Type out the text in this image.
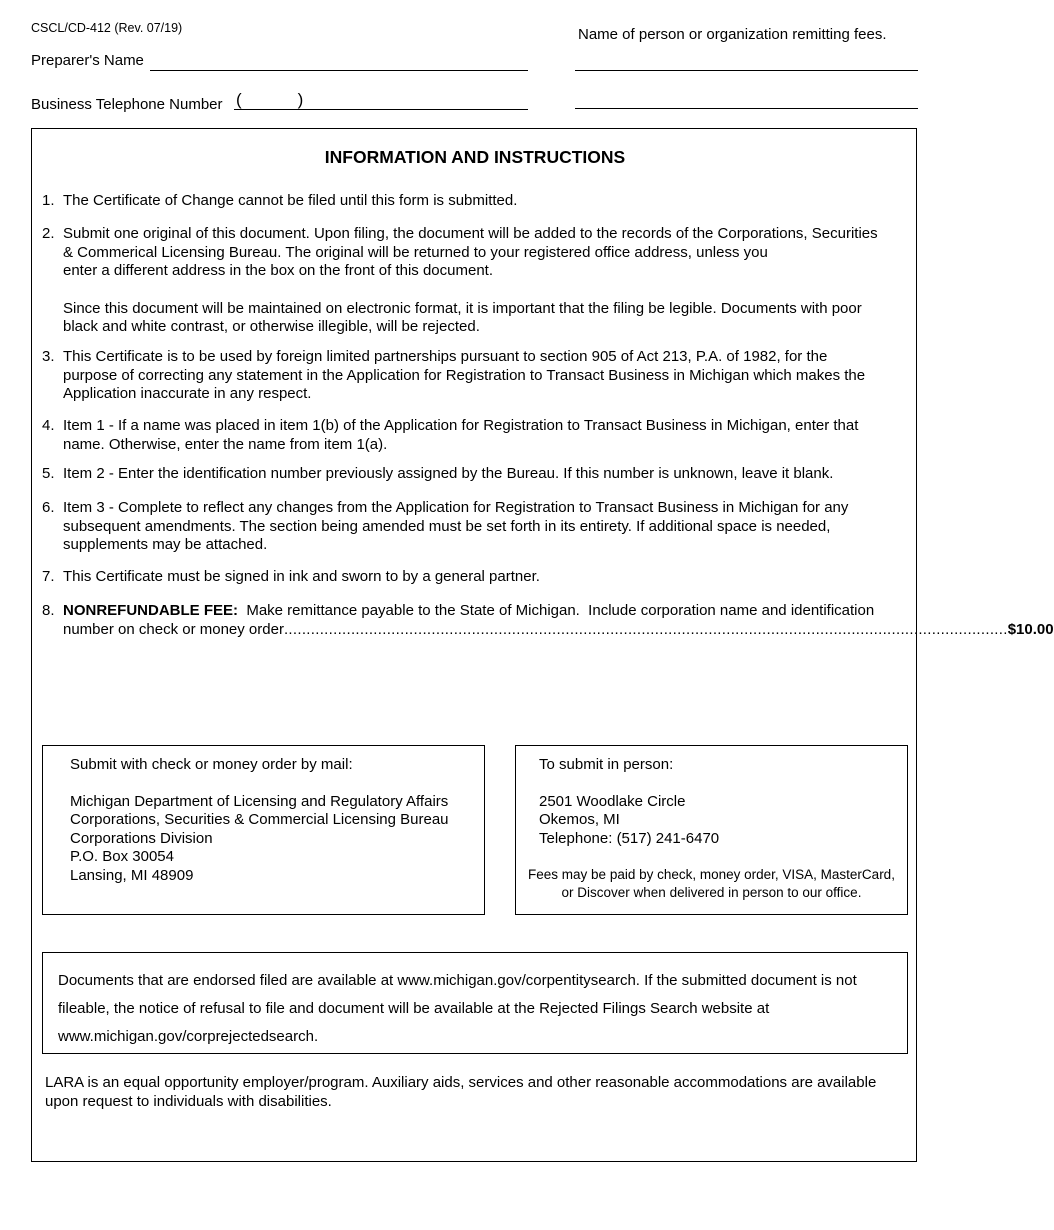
CSCL/CD-412 (Rev. 07/19)	Name of person or organization remitting fees.
Preparer's Name
Business Telephone Number (	)
INFORMATION AND INSTRUCTIONS
1. The Certificate of Change cannot be filed until this form is submitted.

2. Submit one original of this document. Upon filing, the document will be added to the records of the Corporations, Securities

& Commerical Licensing Bureau. The original will be returned to your registered office address, unless you

enter a different address in the box on the front of this document.

Since this document will be maintained on electronic format, it is important that the filing be legible. Documents with poor

black and white contrast, or otherwise illegible, will be rejected.

3. This Certificate is to be used by foreign limited partnerships pursuant to section 905 of Act 213, P.A. of 1982, for the

purpose of correcting any statement in the Application for Registration to Transact Business in Michigan which makes the

Application inaccurate in any respect.

4. Item 1 - If a name was placed in item 1(b) of the Application for Registration to Transact Business in Michigan, enter that

name. Otherwise, enter the name from item 1(a).

5. Item 2 - Enter the identification number previously assigned by the Bureau. If this number is unknown, leave it blank.

6. Item 3 - Complete to reflect any changes from the Application for Registration to Transact Business in Michigan for any

subsequent amendments. The section being amended must be set forth in its entirety. If additional space is needed,

supplements may be attached.

7. This Certificate must be signed in ink and sworn to by a general partner.

8. NONREFUNDABLE FEE:  Make remittance payable to the State of Michigan.  Include corporation name and identification

number on check or money order .................................................................................................................................................................. $10.00
Submit with check or money order by mail:
Michigan Department of Licensing and Regulatory Affairs
Corporations, Securities & Commercial Licensing Bureau
Corporations Division
P.O. Box 30054
Lansing, MI 48909
To submit in person:
2501 Woodlake Circle
Okemos, MI
Telephone: (517) 241-6470
Fees may be paid by check, money order, VISA, MasterCard,
or Discover when delivered in person to our office.
Documents that are endorsed filed are available at www.michigan.gov/corpentitysearch. If the submitted document is not
fileable, the notice of refusal to file and document will be available at the Rejected Filings Search website at
www.michigan.gov/corprejectedsearch.
LARA is an equal opportunity employer/program. Auxiliary aids, services and other reasonable accommodations are available
upon request to individuals with disabilities.
